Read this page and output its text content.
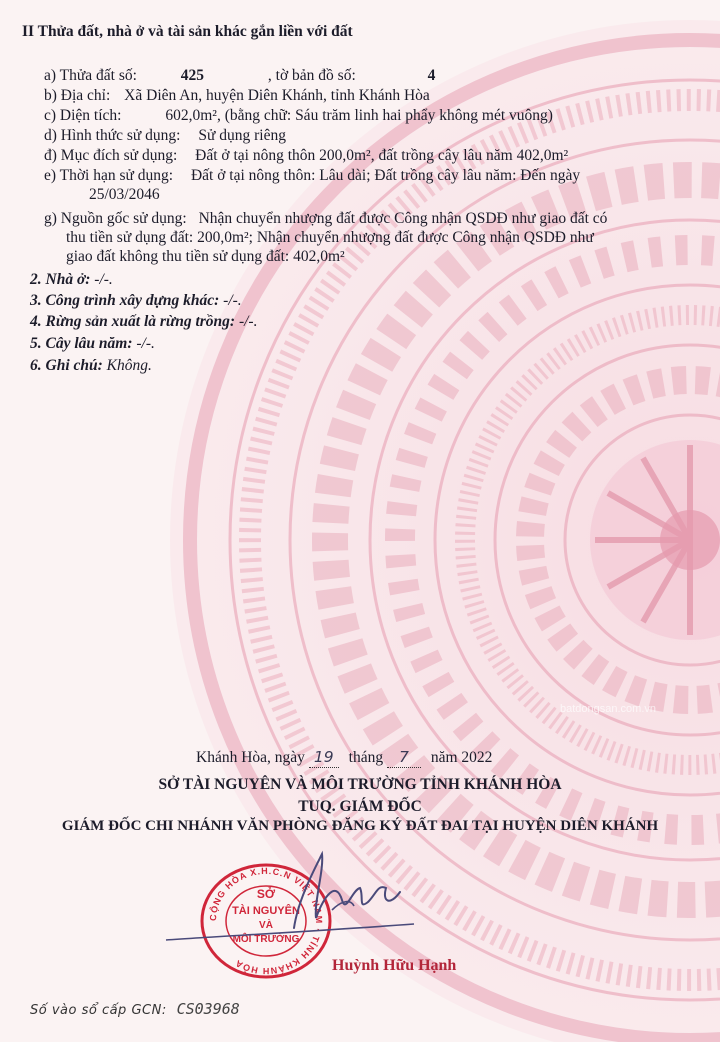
batdongsan.com.vn
II Thửa đất, nhà ở và tài sản khác gắn liền với đất
a) Thửa đất số:	425	, tờ bản đồ số:	4
b) Địa chỉ: Xã Diên An, huyện Diên Khánh, tỉnh Khánh Hòa
c) Diện tích:	602,0m², (bằng chữ: Sáu trăm linh hai phẩy không mét vuông)
d) Hình thức sử dụng: Sử dụng riêng
đ) Mục đích sử dụng: Đất ở tại nông thôn 200,0m², đất trồng cây lâu năm 402,0m²
e) Thời hạn sử dụng: Đất ở tại nông thôn: Lâu dài; Đất trồng cây lâu năm: Đến ngày
25/03/2046
g) Nguồn gốc sử dụng: Nhận chuyển nhượng đất được Công nhận QSDĐ như giao đất có
thu tiền sử dụng đất: 200,0m²; Nhận chuyển nhượng đất được Công nhận QSDĐ như
giao đất không thu tiền sử dụng đất: 402,0m²
2. Nhà ở: -/-.
3. Công trình xây dựng khác: -/-.
4. Rừng sản xuất là rừng trồng: -/-.
5. Cây lâu năm: -/-.
6. Ghi chú: Không.
Khánh Hòa, ngày 19 tháng 7 năm 2022
SỞ TÀI NGUYÊN VÀ MÔI TRƯỜNG TỈNH KHÁNH HÒA
TUQ. GIÁM ĐỐC
GIÁM ĐỐC CHI NHÁNH VĂN PHÒNG ĐĂNG KÝ ĐẤT ĐAI TẠI HUYỆN DIÊN KHÁNH
Huỳnh Hữu Hạnh
Số vào sổ cấp GCN: CS03968
CỘNG HÒA X.H.C.N VIỆT NAM · TỈNH KHÁNH HÒA
SỞ
TÀI NGUYÊN
VÀ
MÔI TRƯỜNG
